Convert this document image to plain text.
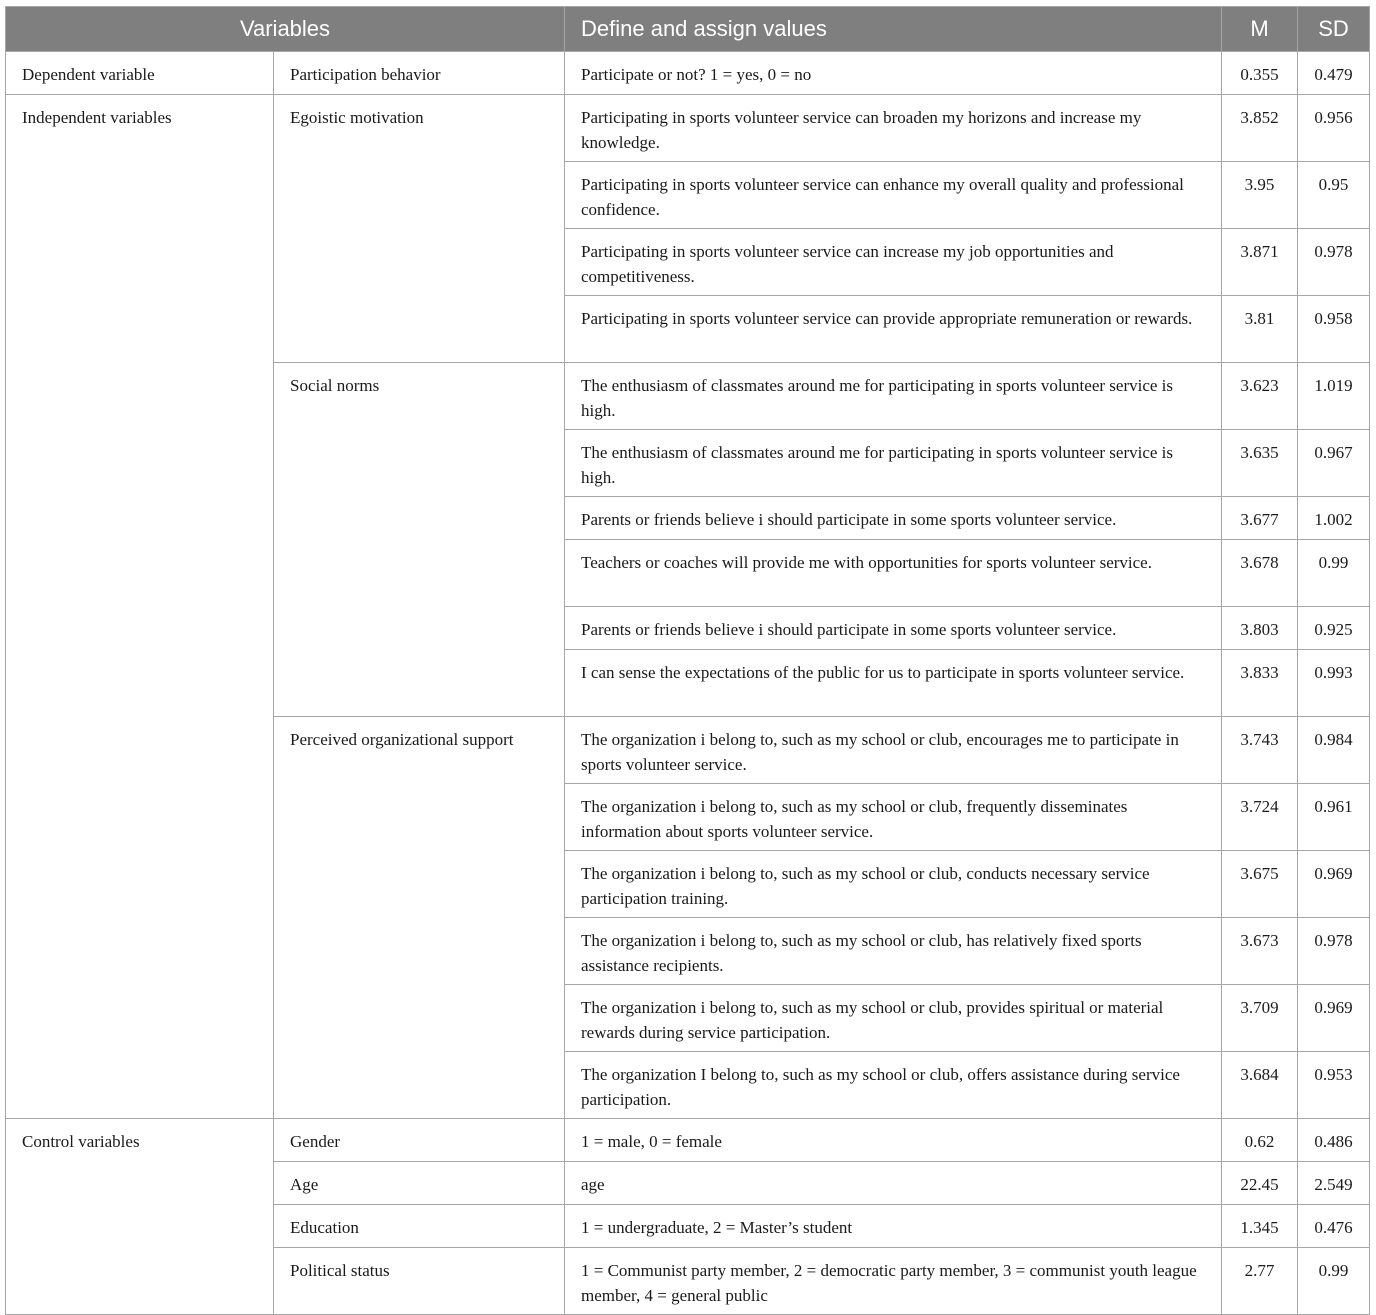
Variables		Define and assign values	M	SD
Dependent variable	Participation behavior	Participate or not? 1 = yes, 0 = no	0.355	0.479
Independent variables	Egoistic motivation	Participating in sports volunteer service can broaden my horizons and increase my knowledge.	3.852	0.956
		Participating in sports volunteer service can enhance my overall quality and professional confidence.	3.95	0.95
		Participating in sports volunteer service can increase my job opportunities and competitiveness.	3.871	0.978
		Participating in sports volunteer service can provide appropriate remuneration or rewards.	3.81	0.958
	Social norms	The enthusiasm of classmates around me for participating in sports volunteer service is high.	3.623	1.019
		The enthusiasm of classmates around me for participating in sports volunteer service is high.	3.635	0.967
		Parents or friends believe i should participate in some sports volunteer service.	3.677	1.002
		Teachers or coaches will provide me with opportunities for sports volunteer service.	3.678	0.99
		Parents or friends believe i should participate in some sports volunteer service.	3.803	0.925
		I can sense the expectations of the public for us to participate in sports volunteer service.	3.833	0.993
	Perceived organizational support	The organization i belong to, such as my school or club, encourages me to participate in sports volunteer service.	3.743	0.984
		The organization i belong to, such as my school or club, frequently disseminates information about sports volunteer service.	3.724	0.961
		The organization i belong to, such as my school or club, conducts necessary service participation training.	3.675	0.969
		The organization i belong to, such as my school or club, has relatively fixed sports assistance recipients.	3.673	0.978
		The organization i belong to, such as my school or club, provides spiritual or material rewards during service participation.	3.709	0.969
		The organization I belong to, such as my school or club, offers assistance during service participation.	3.684	0.953
Control variables	Gender	1 = male, 0 = female	0.62	0.486
	Age	age	22.45	2.549
	Education	1 = undergraduate, 2 = Master’s student	1.345	0.476
	Political status	1 = Communist party member, 2 = democratic party member, 3 = communist youth league member, 4 = general public	2.77	0.99
